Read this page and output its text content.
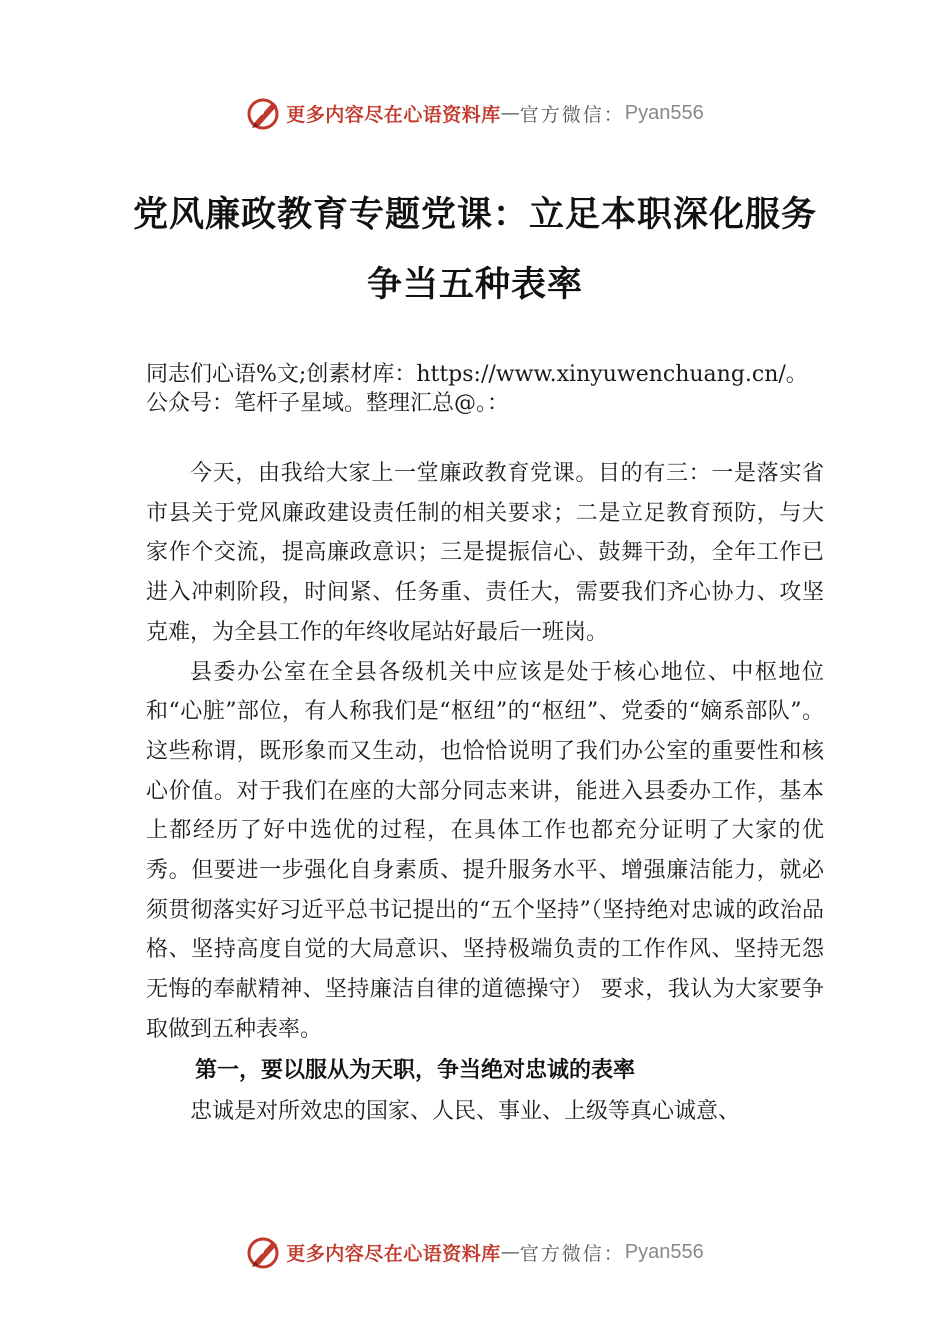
更多内容尽在心语资料库 — 官方微信： Pyan556
党风廉政教育专题党课：立足本职深化服务争当五种表率

同志们心语%文;创素材库：https://www.xinyuwenchuang.cn/。公众号：笔杆子星域。整理汇总@。：

今天，由我给大家上一堂廉政教育党课。目的有三：一是落实省市县关于党风廉政建设责任制的相关要求；二是立足教育预防，与大家作个交流，提高廉政意识；三是提振信心、鼓舞干劲，全年工作已进入冲刺阶段，时间紧、任务重、责任大，需要我们齐心协力、攻坚克难，为全县工作的年终收尾站好最后一班岗。

县委办公室在全县各级机关中应该是处于核心地位、中枢地位和“心脏”部位，有人称我们是“枢纽”的“枢纽”、党委的“嫡系部队”。这些称谓，既形象而又生动，也恰恰说明了我们办公室的重要性和核心价值。对于我们在座的大部分同志来讲，能进入县委办工作，基本上都经历了好中选优的过程，在具体工作也都充分证明了大家的优秀。但要进一步强化自身素质、提升服务水平、增强廉洁能力，就必须贯彻落实好习近平总书记提出的“五个坚持”（坚持绝对忠诚的政治品格、坚持高度自觉的大局意识、坚持极端负责的工作作风、坚持无怨无悔的奉献精神、坚持廉洁自律的道德操守） 要求，我认为大家要争取做到五种表率。

第一，要以服从为天职，争当绝对忠诚的表率

忠诚是对所效忠的国家、人民、事业、上级等真心诚意、

更多内容尽在心语资料库 — 官方微信： Pyan556
